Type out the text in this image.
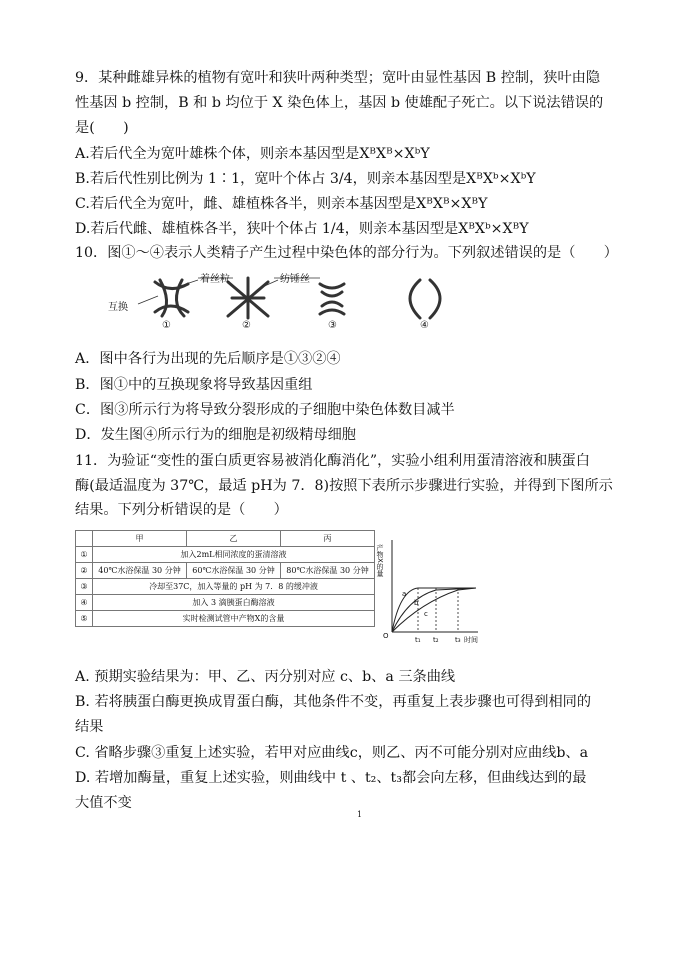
9．某种雌雄异株的植物有宽叶和狭叶两种类型；宽叶由显性基因 B 控制，狭叶由隐
性基因 b 控制，B 和 b 均位于 X 染色体上，基因 b 使雄配子死亡。以下说法错误的
是(　　)
A.若后代全为宽叶雄株个体，则亲本基因型是XᴮXᴮ×XᵇY
B.若后代性别比例为 1∶1，宽叶个体占 3/4，则亲本基因型是XᴮXᵇ×XᵇY
C.若后代全为宽叶，雌、雄植株各半，则亲本基因型是XᴮXᴮ×XᴮY
D.若后代雌、雄植株各半，狭叶个体占 1/4，则亲本基因型是XᴮXᵇ×XᴮY
10．图①～④表示人类精子产生过程中染色体的部分行为。下列叙述错误的是（　　）
互换
着丝粒	纺锤丝
①	②	③	④
A．图中各行为出现的先后顺序是①③②④
B．图①中的互换现象将导致基因重组
C．图③所示行为将导致分裂形成的子细胞中染色体数目减半
D．发生图④所示行为的细胞是初级精母细胞
11．为验证“变性的蛋白质更容易被消化酶消化”，实验小组利用蛋清溶液和胰蛋白
酶(最适温度为 37℃，最适 pH为 7．8)按照下表所示步骤进行实验，并得到下图所示
结果。下列分析错误的是（　　）
	甲	乙	丙
①	加入2mL相同浓度的蛋清溶液		
②	40℃水浴保温 30 分钟	60℃水浴保温 30 分钟	80℃水浴保温 30 分钟
③	冷却至37C，加入等量的 pH 为 7．8 的缓冲液		
④	加入 3 滴胰蛋白酶溶液		
⑤	实时检测试管中产物X的含量		
O
产物X的量
时间
a
b
c
t₁ t₂ t₃
A. 预期实验结果为：甲、乙、丙分别对应 c、b、a 三条曲线
B. 若将胰蛋白酶更换成胃蛋白酶，其他条件不变，再重复上表步骤也可得到相同的
结果
C. 省略步骤③重复上述实验，若甲对应曲线c，则乙、丙不可能分别对应曲线b、a
D. 若增加酶量，重复上述实验，则曲线中 t 、t₂、t₃都会向左移，但曲线达到的最
1
大值不变
